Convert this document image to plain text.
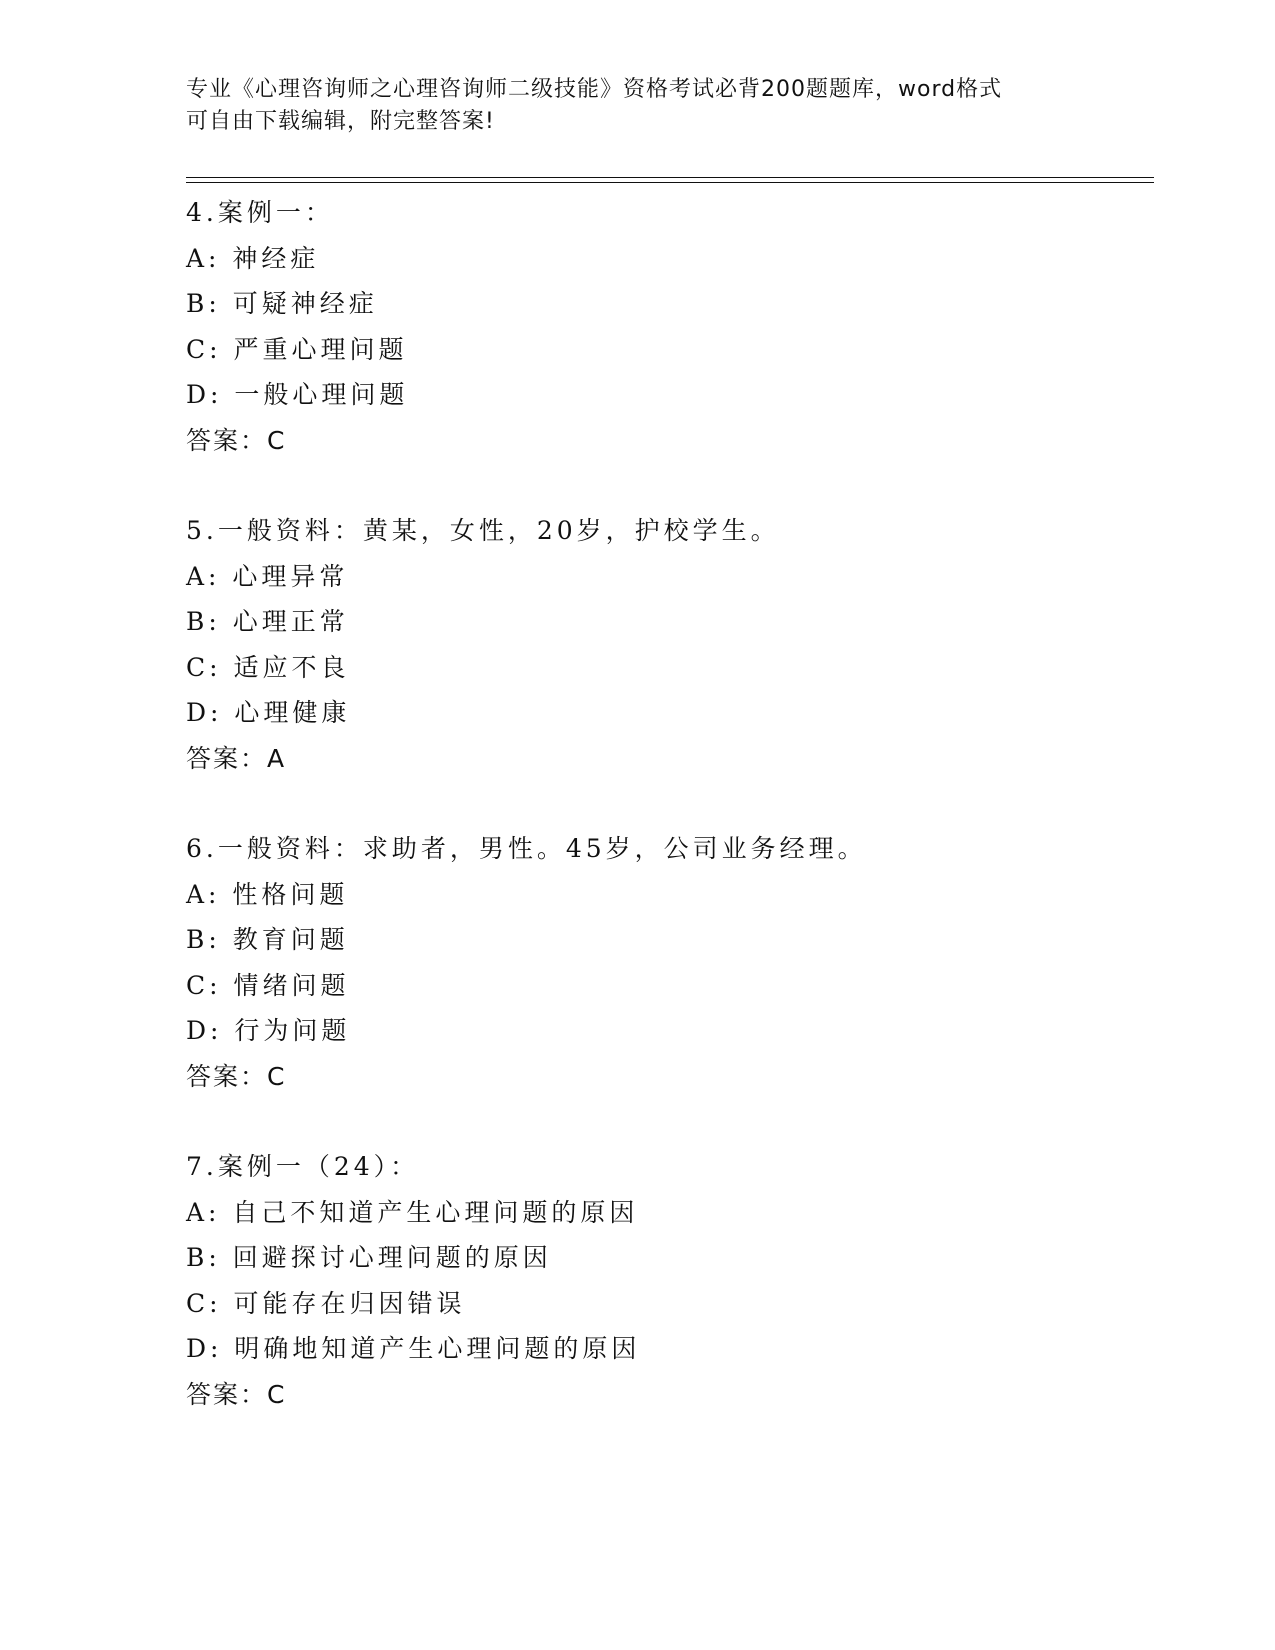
专业《心理咨询师之心理咨询师二级技能》资格考试必背200题题库，word格式
可自由下载编辑，附完整答案!
4.案例一：
A: 神经症
B: 可疑神经症
C: 严重心理问题
D: 一般心理问题
答案：C
5.一般资料：黄某，女性，20岁，护校学生。
A: 心理异常
B: 心理正常
C: 适应不良
D: 心理健康
答案：A
6.一般资料：求助者，男性。45岁，公司业务经理。
A: 性格问题
B: 教育问题
C: 情绪问题
D: 行为问题
答案：C
7.案例一（24）：
A: 自己不知道产生心理问题的原因
B: 回避探讨心理问题的原因
C: 可能存在归因错误
D: 明确地知道产生心理问题的原因
答案：C
